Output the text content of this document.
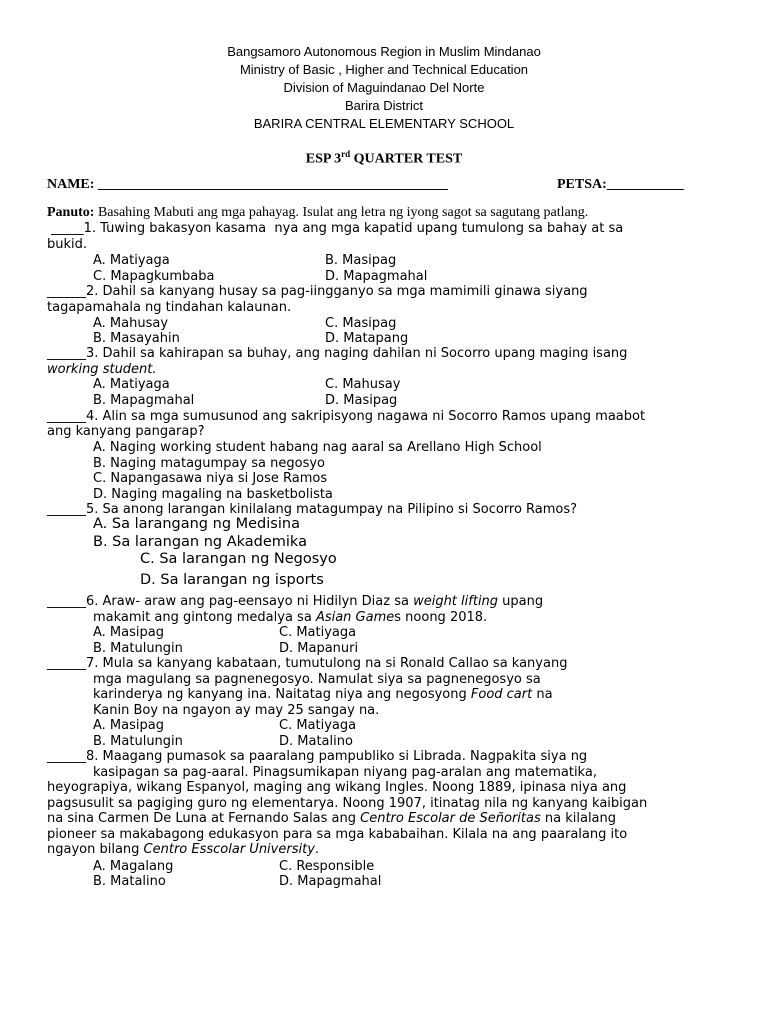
Bangsamoro Autonomous Region in Muslim Mindanao
Ministry of Basic , Higher and Technical Education
Division of Maguindanao Del Norte
Barira District
BARIRA CENTRAL ELEMENTARY SCHOOL
ESP 3rd QUARTER TEST
NAME: __________________________________________________	PETSA:___________
Panuto: Basahing Mabuti ang mga pahayag. Isulat ang letra ng iyong sagot sa sagutang patlang.
_____1. Tuwing bakasyon kasama  nya ang mga kapatid upang tumulong sa bahay at sa
bukid.
A. Matiyaga	B. Masipag
C. Mapagkumbaba	D. Mapagmahal
______2. Dahil sa kanyang husay sa pag-iingganyo sa mga mamimili ginawa siyang
tagapamahala ng tindahan kalaunan.
A. Mahusay	C. Masipag
B. Masayahin	D. Matapang
______3. Dahil sa kahirapan sa buhay, ang naging dahilan ni Socorro upang maging isang
working student.
A. Matiyaga	C. Mahusay
B. Mapagmahal	D. Masipag
______4. Alin sa mga sumusunod ang sakripisyong nagawa ni Socorro Ramos upang maabot
ang kanyang pangarap?
A. Naging working student habang nag aaral sa Arellano High School
B. Naging matagumpay sa negosyo
C. Napangasawa niya si Jose Ramos
D. Naging magaling na basketbolista
______5. Sa anong larangan kinilalang matagumpay na Pilipino si Socorro Ramos?
A. Sa larangang ng Medisina
B. Sa larangan ng Akademika
C. Sa larangan ng Negosyo
D. Sa larangan ng isports
______6. Araw- araw ang pag-eensayo ni Hidilyn Diaz sa weight lifting upang
makamit ang gintong medalya sa Asian Games noong 2018.
A. Masipag	C. Matiyaga
B. Matulungin	D. Mapanuri
______7. Mula sa kanyang kabataan, tumutulong na si Ronald Callao sa kanyang
mga magulang sa pagnenegosyo. Namulat siya sa pagnenegosyo sa
karinderya ng kanyang ina. Naitatag niya ang negosyong Food cart na
Kanin Boy na ngayon ay may 25 sangay na.
A. Masipag	C. Matiyaga
B. Matulungin	D. Matalino
______8. Maagang pumasok sa paaralang pampubliko si Librada. Nagpakita siya ng
kasipagan sa pag-aaral. Pinagsumikapan niyang pag-aralan ang matematika,
heyograpiya, wikang Espanyol, maging ang wikang Ingles. Noong 1889, ipinasa niya ang
pagsusulit sa pagiging guro ng elementarya. Noong 1907, itinatag nila ng kanyang kaibigan
na sina Carmen De Luna at Fernando Salas ang Centro Escolar de Señoritas na kilalang
pioneer sa makabagong edukasyon para sa mga kababaihan. Kilala na ang paaralang ito
ngayon bilang Centro Esscolar University.
A. Magalang	C. Responsible
B. Matalino	D. Mapagmahal
